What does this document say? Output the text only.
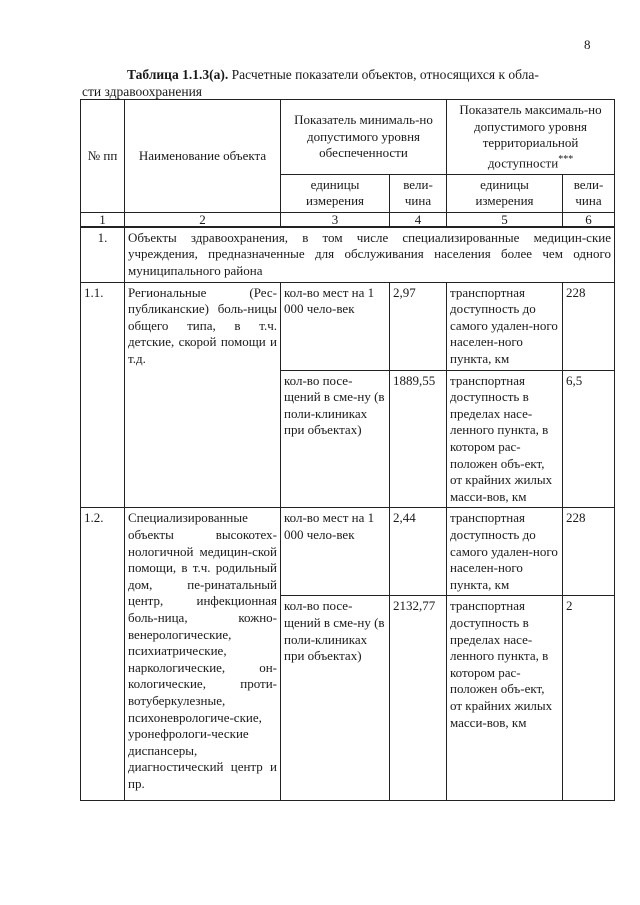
8
Таблица 1.1.3(а). Расчетные показатели объектов, относящихся к обла-
сти здравоохранения
№ пп	Наименование объекта	Показатель минималь-но допустимого уровня обеспеченности		Показатель максималь-но допустимого уровня территориальной доступности***
		единицы измерения	вели-чина	единицы измерения	вели-чина
1	2	3	4	5	6
1.	Объекты здравоохранения, в том числе специализированные медицин-ские учреждения, предназначенные для обслуживания населения более чем одного муниципального района				
1.1.	Региональные (Рес-публиканские) боль-ницы общего типа, в т.ч. детские, скорой помощи и т.д.	кол-во мест на 1 000 чело-век	2,97	транспортная доступность до самого удален-ного населен-ного пункта, км	228
		кол-во посе-щений в сме-ну (в поли-клиниках при объектах)	1889,55	транспортная доступность в пределах насе-ленного пункта, в котором рас-положен объ-ект, от крайних жилых масси-вов, км	6,5
1.2.	Специализированные объекты высокотех-нологичной медицин-ской помощи, в т.ч. родильный дом, пе-ринатальный центр, инфекционная боль-ница, кожно-венерологические, психиатрические, наркологические, он-кологические, проти-вотуберкулезные, психоневрологиче-ские, уронефрологи-ческие диспансеры, диагностический центр и пр.	кол-во мест на 1 000 чело-век	2,44	транспортная доступность до самого удален-ного населен-ного пункта, км	228
		кол-во посе-щений в сме-ну (в поли-клиниках при объектах)	2132,77	транспортная доступность в пределах насе-ленного пункта, в котором рас-положен объ-ект, от крайних жилых масси-вов, км	2
